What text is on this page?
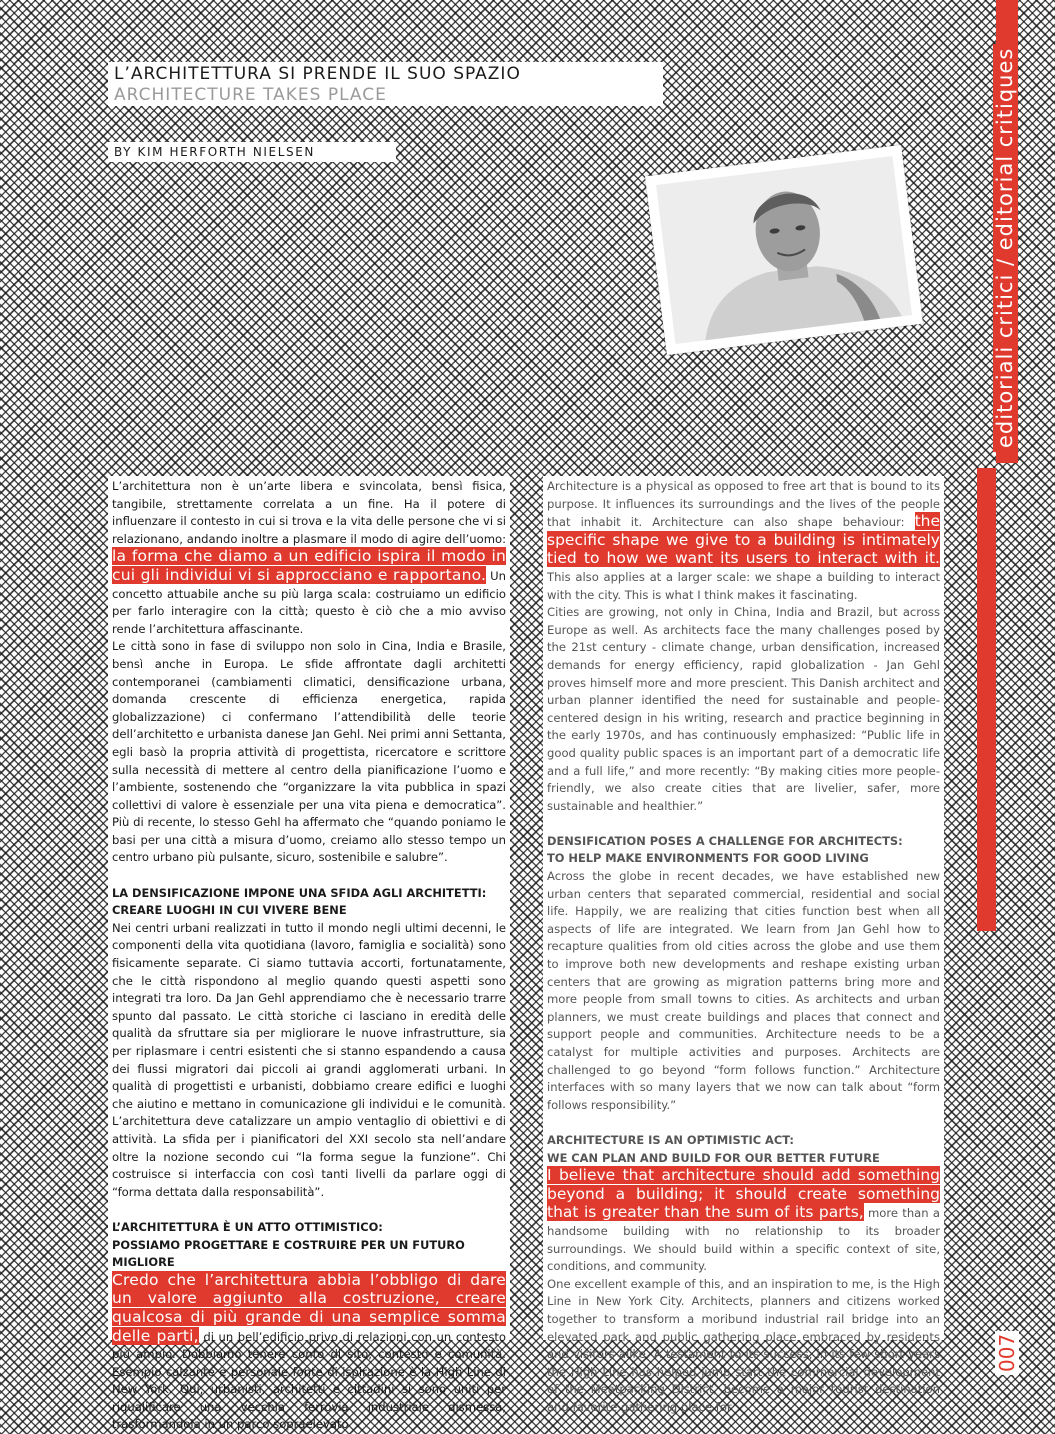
L’ARCHITETTURA SI PRENDE IL SUO SPAZIO
ARCHITECTURE TAKES PLACE
BY KIM HERFORTH NIELSEN	editoriali critici / editorial critiques
007

L’architettura non è un’arte libera e svincolata, bensì fisica, tangibile, strettamente correlata a un fine. Ha il potere di influenzare il contesto in cui si trova e la vita delle persone che vi si relazionano, andando inoltre a plasmare il modo di agire dell’uomo: la forma che diamo a un edificio ispira il modo in cui gli individui vi si approcciano e rapportano. Un concetto attuabile anche su più larga scala: costruiamo un edificio per farlo interagire con la città; questo è ciò che a mio avviso rende l’architettura affascinante.

Le città sono in fase di sviluppo non solo in Cina, India e Brasile, bensì anche in Europa. Le sfide affrontate dagli architetti contemporanei (cambiamenti climatici, densificazione urbana, domanda crescente di efficienza energetica, rapida globalizzazione) ci confermano l’attendibilità delle teorie dell’architetto e urbanista danese Jan Gehl. Nei primi anni Settanta, egli basò la propria attività di progettista, ricercatore e scrittore sulla necessità di mettere al centro della pianificazione l’uomo e l’ambiente, sostenendo che “organizzare la vita pubblica in spazi collettivi di valore è essenziale per una vita piena e democratica”. Più di recente, lo stesso Gehl ha affermato che “quando poniamo le basi per una città a misura d’uomo, creiamo allo stesso tempo un centro urbano più pulsante, sicuro, sostenibile e salubre”.

LA DENSIFICAZIONE IMPONE UNA SFIDA AGLI ARCHITETTI:
CREARE LUOGHI IN CUI VIVERE BENE

Nei centri urbani realizzati in tutto il mondo negli ultimi decenni, le componenti della vita quotidiana (lavoro, famiglia e socialità) sono fisicamente separate. Ci siamo tuttavia accorti, fortunatamente, che le città rispondono al meglio quando questi aspetti sono integrati tra loro. Da Jan Gehl apprendiamo che è necessario trarre spunto dal passato. Le città storiche ci lasciano in eredità delle qualità da sfruttare sia per migliorare le nuove infrastrutture, sia per riplasmare i centri esistenti che si stanno espandendo a causa dei flussi migratori dai piccoli ai grandi agglomerati urbani. In qualità di progettisti e urbanisti, dobbiamo creare edifici e luoghi che aiutino e mettano in comunicazione gli individui e le comunità. L’architettura deve catalizzare un ampio ventaglio di obiettivi e di attività. La sfida per i pianificatori del XXI secolo sta nell’andare oltre la nozione secondo cui “la forma segue la funzione”. Chi costruisce si interfaccia con così tanti livelli da parlare oggi di “forma dettata dalla responsabilità”.

L’ARCHITETTURA È UN ATTO OTTIMISTICO:
POSSIAMO PROGETTARE E COSTRUIRE PER UN FUTURO MIGLIORE

Credo che l’architettura abbia l’obbligo di dare un valore aggiunto alla costruzione, creare qualcosa di più grande di una semplice somma delle parti, di un bell’edificio privo di relazioni con un contesto più ampio. Dobbiamo tenere conto di sito, contesto e comunità. Esempio calzante e personale fonte di ispirazione è la High Line di New York. Qui, urbanisti, architetti e cittadini si sono uniti per riqualificare una vecchia ferrovia industriale dismessa, trasformandola in un parco sopraelevato

Architecture is a physical as opposed to free art that is bound to its purpose. It influences its surroundings and the lives of the people that inhabit it. Architecture can also shape behaviour: the specific shape we give to a building is intimately tied to how we want its users to interact with it. This also applies at a larger scale: we shape a building to interact with the city. This is what I think makes it fascinating.

Cities are growing, not only in China, India and Brazil, but across Europe as well. As architects face the many challenges posed by the 21st century - climate change, urban densification, increased demands for energy efficiency, rapid globalization - Jan Gehl proves himself more and more prescient. This Danish architect and urban planner identified the need for sustainable and people-centered design in his writing, research and practice beginning in the early 1970s, and has continuously emphasized: “Public life in good quality public spaces is an important part of a democratic life and a full life,” and more recently: “By making cities more people-friendly, we also create cities that are livelier, safer, more sustainable and healthier.”

DENSIFICATION POSES A CHALLENGE FOR ARCHITECTS:
TO HELP MAKE ENVIRONMENTS FOR GOOD LIVING

Across the globe in recent decades, we have established new urban centers that separated commercial, residential and social life. Happily, we are realizing that cities function best when all aspects of life are integrated. We learn from Jan Gehl how to recapture qualities from old cities across the globe and use them to improve both new developments and reshape existing urban centers that are growing as migration patterns bring more and more people from small towns to cities. As architects and urban planners, we must create buildings and places that connect and support people and communities. Architecture needs to be a catalyst for multiple activities and purposes. Architects are challenged to go beyond “form follows function.” Architecture interfaces with so many layers that we now can talk about “form follows responsibility.”

ARCHITECTURE IS AN OPTIMISTIC ACT:
WE CAN PLAN AND BUILD FOR OUR BETTER FUTURE

I believe that architecture should add something beyond a building; it should create something that is greater than the sum of its parts, more than a handsome building with no relationship to its broader surroundings. We should build within a specific context of site, conditions, and community.

One excellent example of this, and an inspiration to me, is the High Line in New York City. Architects, planners and citizens worked together to transform a moribund industrial rail bridge into an elevated park and public gathering place embraced by residents and visitors alike. A testament to its success, in its few short years the High Line has helped jump start the commercial development of the Meatpacking District, become a major tourist destination and favorite gathering place for
